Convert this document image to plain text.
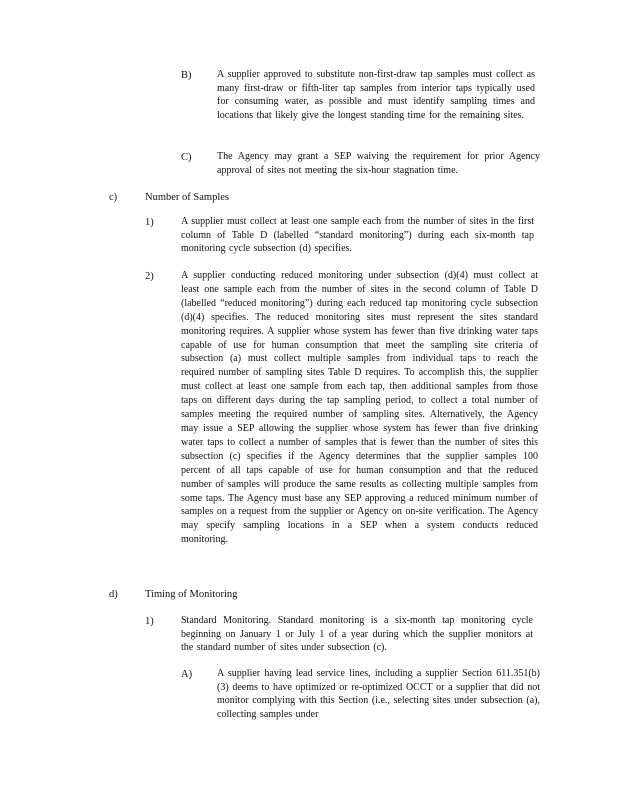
B)	A supplier approved to substitute non-first-draw tap samples must collect as many first-draw or fifth-liter tap samples from interior taps typically used for consuming water, as possible and must identify sampling times and locations that likely give the longest standing time for the remaining sites.
C)	The Agency may grant a SEP waiving the requirement for prior Agency approval of sites not meeting the six-hour stagnation time.
c)	Number of Samples
1)	A supplier must collect at least one sample each from the number of sites in the first column of Table D (labelled “standard monitoring”) during each six-month tap monitoring cycle subsection (d) specifies.
2)	A supplier conducting reduced monitoring under subsection (d)(4) must collect at least one sample each from the number of sites in the second column of Table D (labelled “reduced monitoring”) during each reduced tap monitoring cycle subsection (d)(4) specifies. The reduced monitoring sites must represent the sites standard monitoring requires. A supplier whose system has fewer than five drinking water taps capable of use for human consumption that meet the sampling site criteria of subsection (a) must collect multiple samples from individual taps to reach the required number of sampling sites Table D requires. To accomplish this, the supplier must collect at least one sample from each tap, then additional samples from those taps on different days during the tap sampling period, to collect a total number of samples meeting the required number of sampling sites. Alternatively, the Agency may issue a SEP allowing the supplier whose system has fewer than five drinking water taps to collect a number of samples that is fewer than the number of sites this subsection (c) specifies if the Agency determines that the supplier samples 100 percent of all taps capable of use for human consumption and that the reduced number of samples will produce the same results as collecting multiple samples from some taps. The Agency must base any SEP approving a reduced minimum number of samples on a request from the supplier or Agency on on-site verification. The Agency may specify sampling locations in a SEP when a system conducts reduced monitoring.
d)	Timing of Monitoring
1)	Standard Monitoring. Standard monitoring is a six-month tap monitoring cycle beginning on January 1 or July 1 of a year during which the supplier monitors at the standard number of sites under subsection (c).
A) A supplier having lead service lines, including a supplier Section 611.351(b)(3) deems to have optimized or re-optimized OCCT or a supplier that did not monitor complying with this Section (i.e., selecting sites under subsection (a), collecting samples under
